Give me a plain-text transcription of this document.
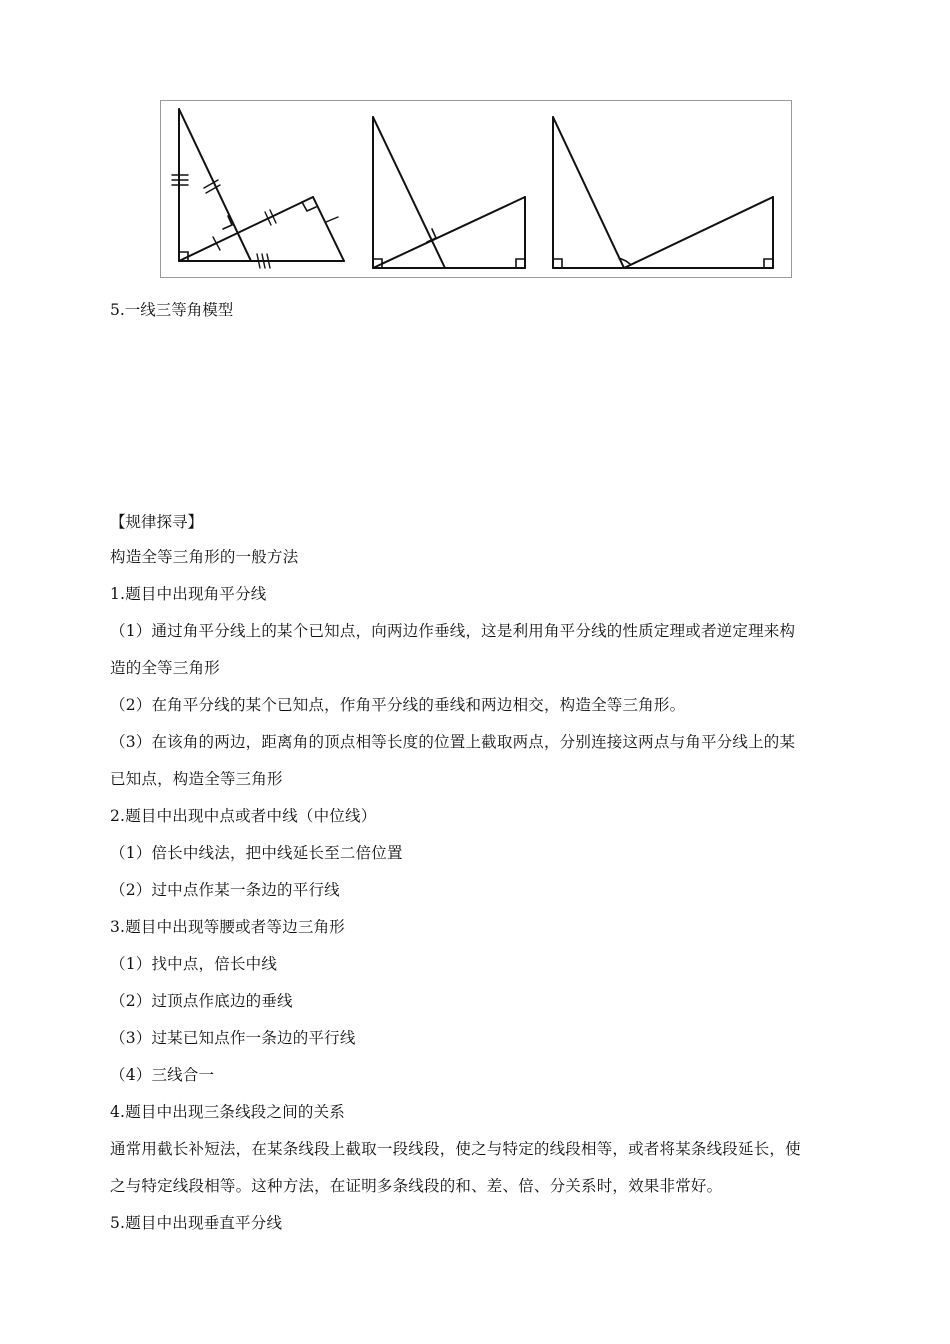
5.一线三等角模型
【规律探寻】
构造全等三角形的一般方法
1.题目中出现角平分线
（1）通过角平分线上的某个已知点，向两边作垂线，这是利用角平分线的性质定理或者逆定理来构
造的全等三角形
（2）在角平分线的某个已知点，作角平分线的垂线和两边相交，构造全等三角形。
（3）在该角的两边，距离角的顶点相等长度的位置上截取两点，分别连接这两点与角平分线上的某
已知点，构造全等三角形
2.题目中出现中点或者中线（中位线）
（1）倍长中线法，把中线延长至二倍位置
（2）过中点作某一条边的平行线
3.题目中出现等腰或者等边三角形
（1）找中点，倍长中线
（2）过顶点作底边的垂线
（3）过某已知点作一条边的平行线
（4）三线合一
4.题目中出现三条线段之间的关系
通常用截长补短法，在某条线段上截取一段线段，使之与特定的线段相等，或者将某条线段延长，使
之与特定线段相等。这种方法，在证明多条线段的和、差、倍、分关系时，效果非常好。
5.题目中出现垂直平分线
